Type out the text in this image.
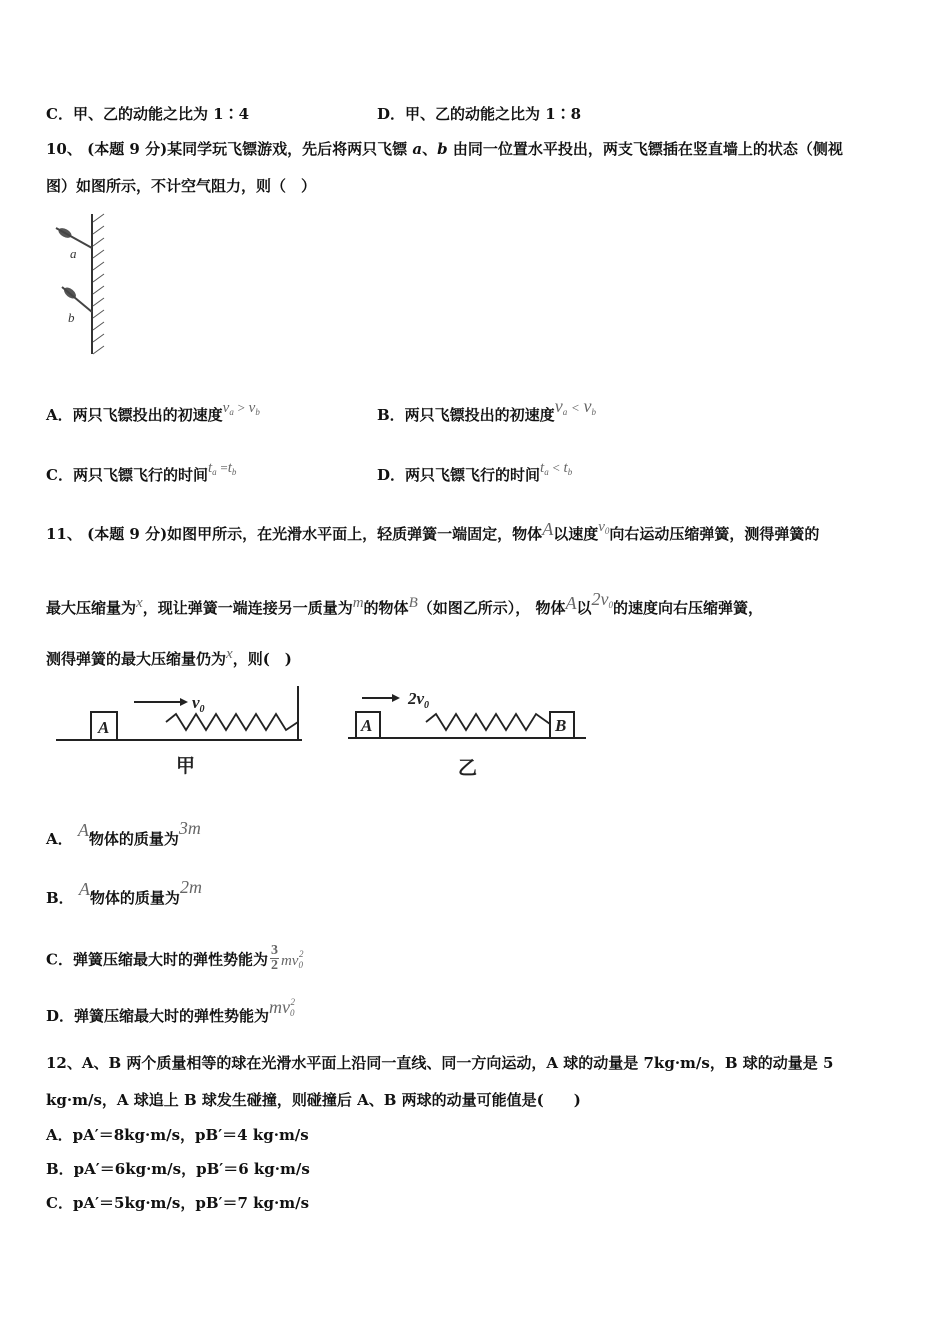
C．甲、乙的动能之比为 1∶4	D．甲、乙的动能之比为 1∶8
10、 (本题 9 分)某同学玩飞镖游戏，先后将两只飞镖 a、b 由同一位置水平投出，两支飞镖插在竖直墙上的状态（侧视
图）如图所示，不计空气阻力，则（　）
a
b
A．两只飞镖投出的初速度$v_a > v_b$	B．两只飞镖投出的初速度$v_a < v_b$
C．两只飞镖飞行的时间$t_a =t_b$	D．两只飞镖飞行的时间$t_a < t_b$
11、 (本题 9 分)如图甲所示，在光滑水平面上，轻质弹簧一端固定，物体A以速度$v_0$向右运动压缩弹簧，测得弹簧的
最大压缩量为x，现让弹簧一端连接另一质量为m的物体B（如图乙所示）， 物体A以$2v_0$的速度向右压缩弹簧，
测得弹簧的最大压缩量仍为x，则(　)
A
$v_0$
甲
A	B
$2v_0$
乙
A． A物体的质量为3m
B． A物体的质量为2m
C．弹簧压缩最大时的弹性势能为 $\frac{3}{2} mv_0^2$
D．弹簧压缩最大时的弹性势能为$mv_0^2$
12、A、B 两个质量相等的球在光滑水平面上沿同一直线、同一方向运动，A 球的动量是 7kg·m/s，B 球的动量是 5
kg·m/s，A 球追上 B 球发生碰撞，则碰撞后 A、B 两球的动量可能值是(　　)
A．pA′＝8kg·m/s，pB′＝4 kg·m/s
B．pA′＝6kg·m/s，pB′＝6 kg·m/s
C．pA′＝5kg·m/s，pB′＝7 kg·m/s
